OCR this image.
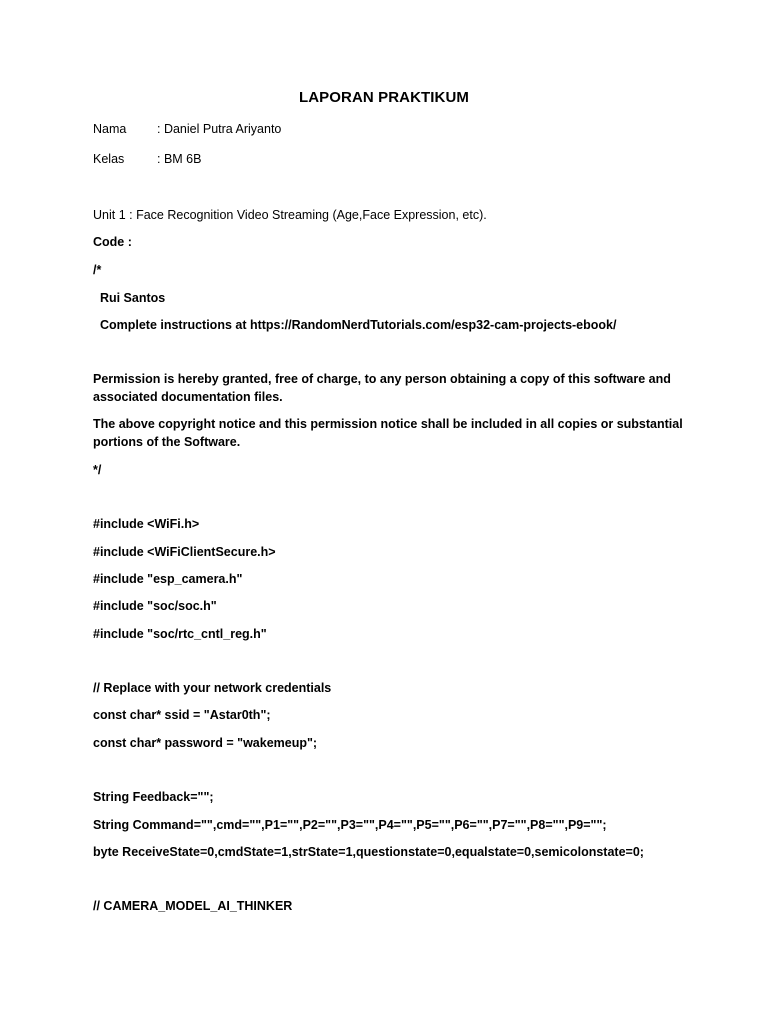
LAPORAN PRAKTIKUM
Nama : Daniel Putra Ariyanto
Kelas	: BM 6B
Unit 1 : Face Recognition Video Streaming (Age,Face Expression, etc).
Code :
/*
Rui Santos
Complete instructions at https://RandomNerdTutorials.com/esp32-cam-projects-ebook/
Permission is hereby granted, free of charge, to any person obtaining a copy of this software and associated documentation files.
The above copyright notice and this permission notice shall be included in all copies or substantial portions of the Software.
*/
#include <WiFi.h>
#include <WiFiClientSecure.h>
#include "esp_camera.h"
#include "soc/soc.h"
#include "soc/rtc_cntl_reg.h"
// Replace with your network credentials
const char* ssid = "Astar0th";
const char* password = "wakemeup";
String Feedback="";
String Command="",cmd="",P1="",P2="",P3="",P4="",P5="",P6="",P7="",P8="",P9="";
byte ReceiveState=0,cmdState=1,strState=1,questionstate=0,equalstate=0,semicolonstate=0;
// CAMERA_MODEL_AI_THINKER
